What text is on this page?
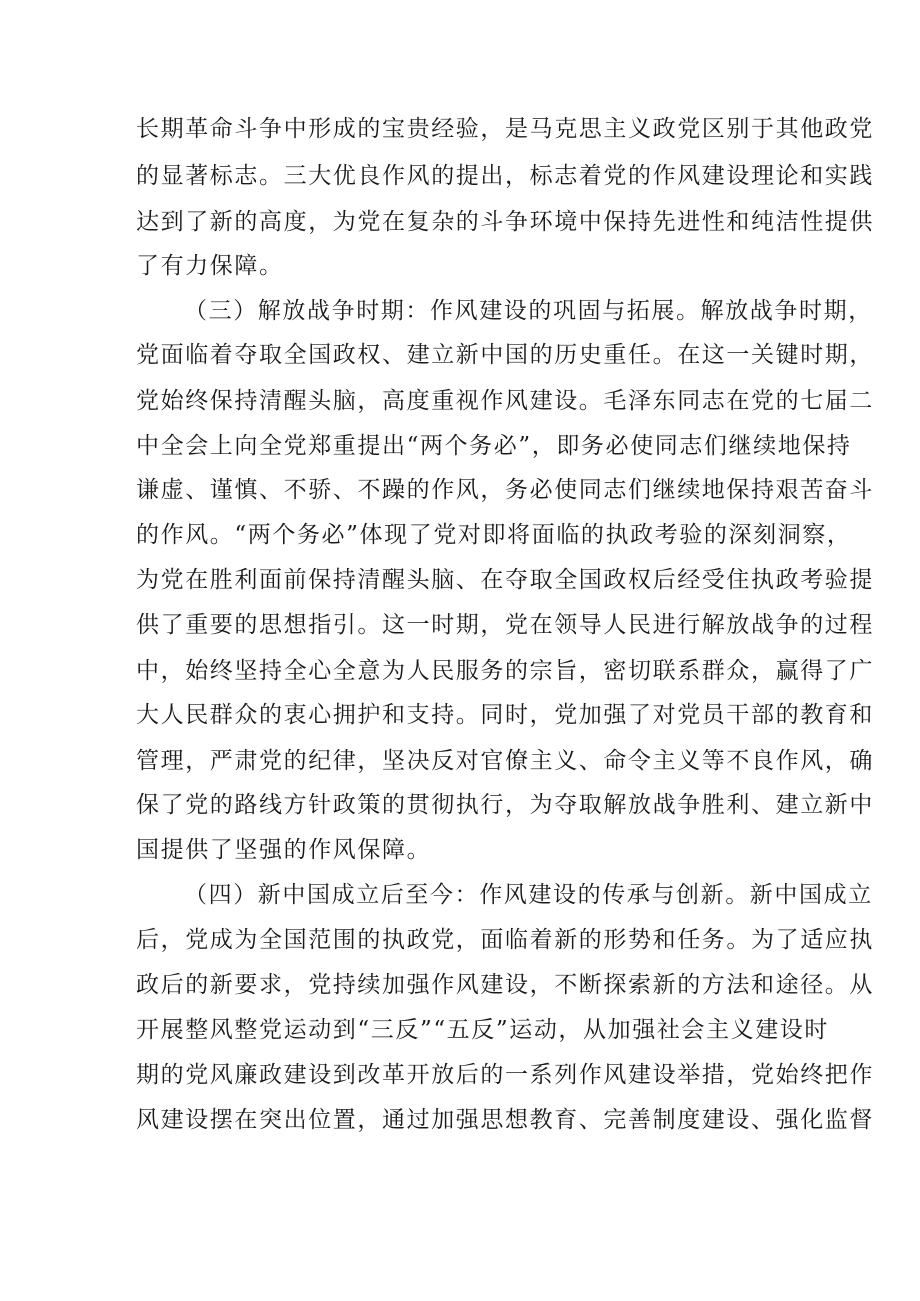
长期革命斗争中形成的宝贵经验，是马克思主义政党区别于其他政党
的显著标志。三大优良作风的提出，标志着党的作风建设理论和实践
达到了新的高度，为党在复杂的斗争环境中保持先进性和纯洁性提供
了有力保障。
（三）解放战争时期：作风建设的巩固与拓展。解放战争时期，
党面临着夺取全国政权、建立新中国的历史重任。在这一关键时期，
党始终保持清醒头脑，高度重视作风建设。毛泽东同志在党的七届二
中全会上向全党郑重提出“两个务必”，即务必使同志们继续地保持
谦虚、谨慎、不骄、不躁的作风，务必使同志们继续地保持艰苦奋斗
的作风。“两个务必”体现了党对即将面临的执政考验的深刻洞察，
为党在胜利面前保持清醒头脑、在夺取全国政权后经受住执政考验提
供了重要的思想指引。这一时期，党在领导人民进行解放战争的过程
中，始终坚持全心全意为人民服务的宗旨，密切联系群众，赢得了广
大人民群众的衷心拥护和支持。同时，党加强了对党员干部的教育和
管理，严肃党的纪律，坚决反对官僚主义、命令主义等不良作风，确
保了党的路线方针政策的贯彻执行，为夺取解放战争胜利、建立新中
国提供了坚强的作风保障。
（四）新中国成立后至今：作风建设的传承与创新。新中国成立
后，党成为全国范围的执政党，面临着新的形势和任务。为了适应执
政后的新要求，党持续加强作风建设，不断探索新的方法和途径。从
开展整风整党运动到“三反”“五反”运动，从加强社会主义建设时
期的党风廉政建设到改革开放后的一系列作风建设举措，党始终把作
风建设摆在突出位置，通过加强思想教育、完善制度建设、强化监督
